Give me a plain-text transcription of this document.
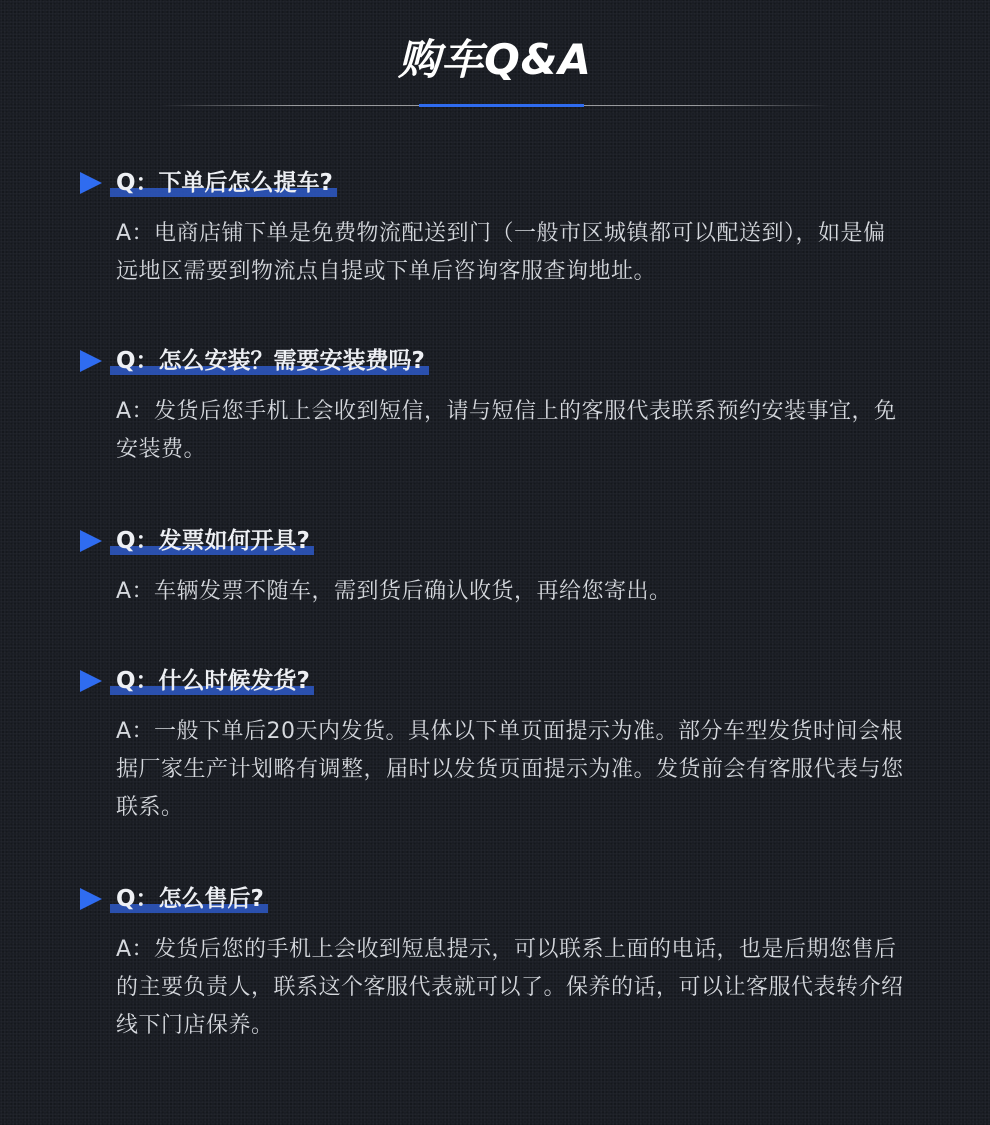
购车Q&A
Q：下单后怎么提车?
A：电商店铺下单是免费物流配送到门（一般市区城镇都可以配送到），如是偏远地区需要到物流点自提或下单后咨询客服查询地址。
Q：怎么安装？需要安装费吗?
A：发货后您手机上会收到短信，请与短信上的客服代表联系预约安装事宜，免安装费。
Q：发票如何开具?
A：车辆发票不随车，需到货后确认收货，再给您寄出。
Q：什么时候发货?
A：一般下单后20天内发货。具体以下单页面提示为准。部分车型发货时间会根据厂家生产计划略有调整，届时以发货页面提示为准。发货前会有客服代表与您联系。
Q：怎么售后?
A：发货后您的手机上会收到短息提示，可以联系上面的电话，也是后期您售后的主要负责人，联系这个客服代表就可以了。保养的话，可以让客服代表转介绍线下门店保养。
